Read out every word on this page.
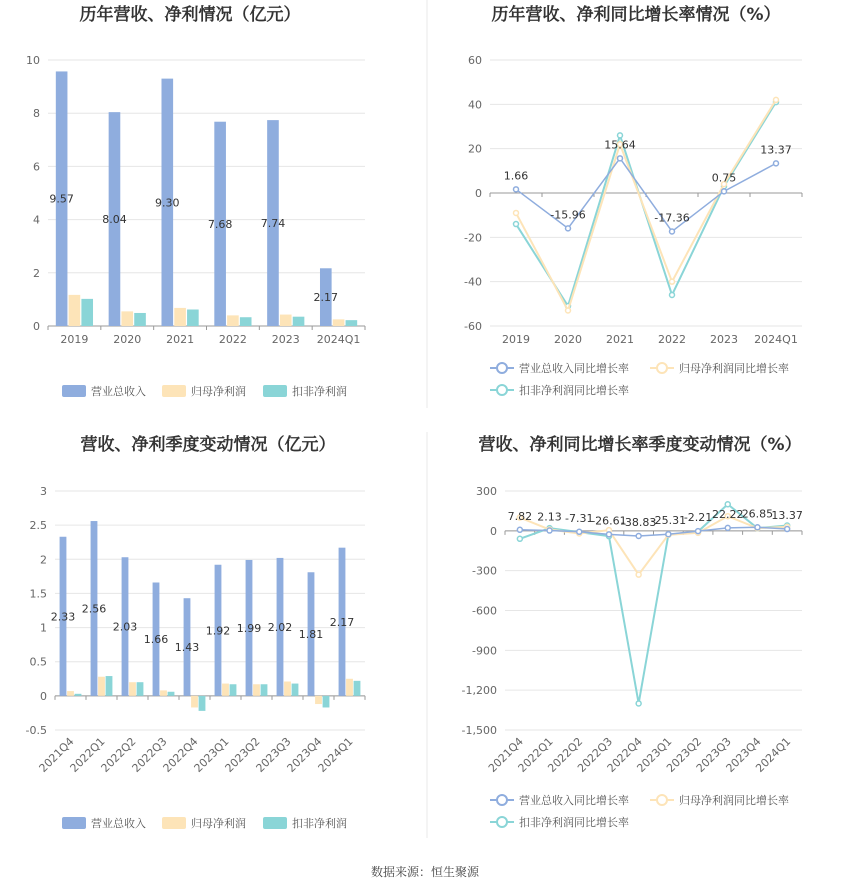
历年营收、净利情况（亿元）
0
2
4
6
8
10
2019 2020 2021 2022 2023 2024Q1
9.57
8.04
9.30
7.68	7.74
2.17
营业总收入	归母净利润	扣非净利润
历年营收、净利同比增长率情况（%）
-60
-40
-20
0
20
40
60
2019 2020 2021 2022 2023 2024Q1
1.66
-15.96
15.64
-17.36
0.75
13.37
营业总收入同比增长率	归母净利润同比增长率
扣非净利润同比增长率
营收、净利季度变动情况（亿元）
-0.5
0
0.5
1
1.5
2
2.5
3
2021Q4
2022Q1
2022Q2
2022Q3
2022Q4
2023Q1
2023Q2
2023Q3
2023Q4
2024Q1
2.33
2.56
2.03
1.66
1.43
1.92 1.99 2.02
1.81
2.17
营业总收入	归母净利润	扣非净利润
营收、净利同比增长率季度变动情况（%）
-1,500
-1,200
-900
-600
-300
0
300
2021Q4
2022Q1
2022Q2
2022Q3
2022Q4
2023Q1
2023Q2
2023Q3
2023Q4
2024Q1
7.82 2.13 -7.31
-26.61
-38.83
-25.31
-2.21 22.22
26.85
13.37
营业总收入同比增长率	归母净利润同比增长率
扣非净利润同比增长率
数据来源：恒生聚源
